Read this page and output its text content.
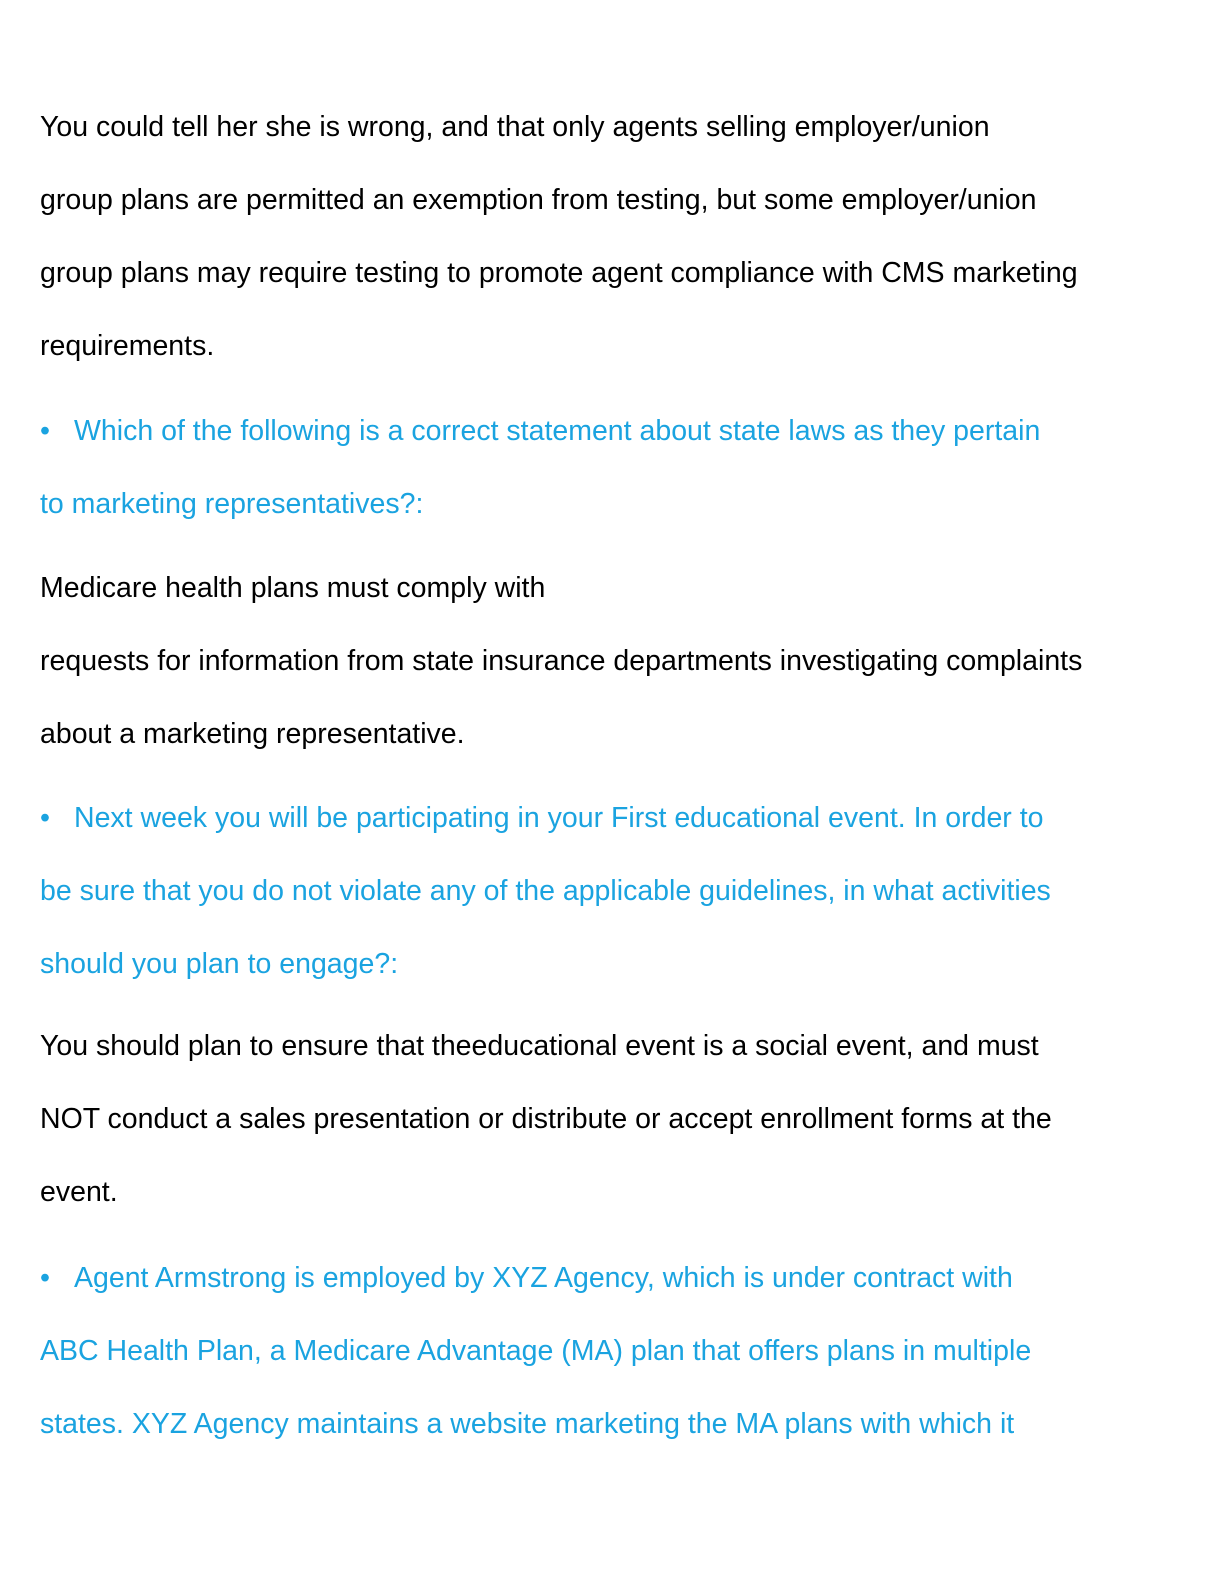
You could tell her she is wrong, and that only agents selling employer/union
group plans are permitted an exemption from testing, but some employer/union
group plans may require testing to promote agent compliance with CMS marketing
requirements.
• Which of the following is a correct statement about state laws as they pertain
to marketing representatives?:
Medicare health plans must comply with
requests for information from state insurance departments investigating complaints
about a marketing representative.
• Next week you will be participating in your First educational event. In order to
be sure that you do not violate any of the applicable guidelines, in what activities
should you plan to engage?:
You should plan to ensure that theeducational event is a social event, and must
NOT conduct a sales presentation or distribute or accept enrollment forms at the
event.
• Agent Armstrong is employed by XYZ Agency, which is under contract with
ABC Health Plan, a Medicare Advantage (MA) plan that offers plans in multiple
states. XYZ Agency maintains a website marketing the MA plans with which it
